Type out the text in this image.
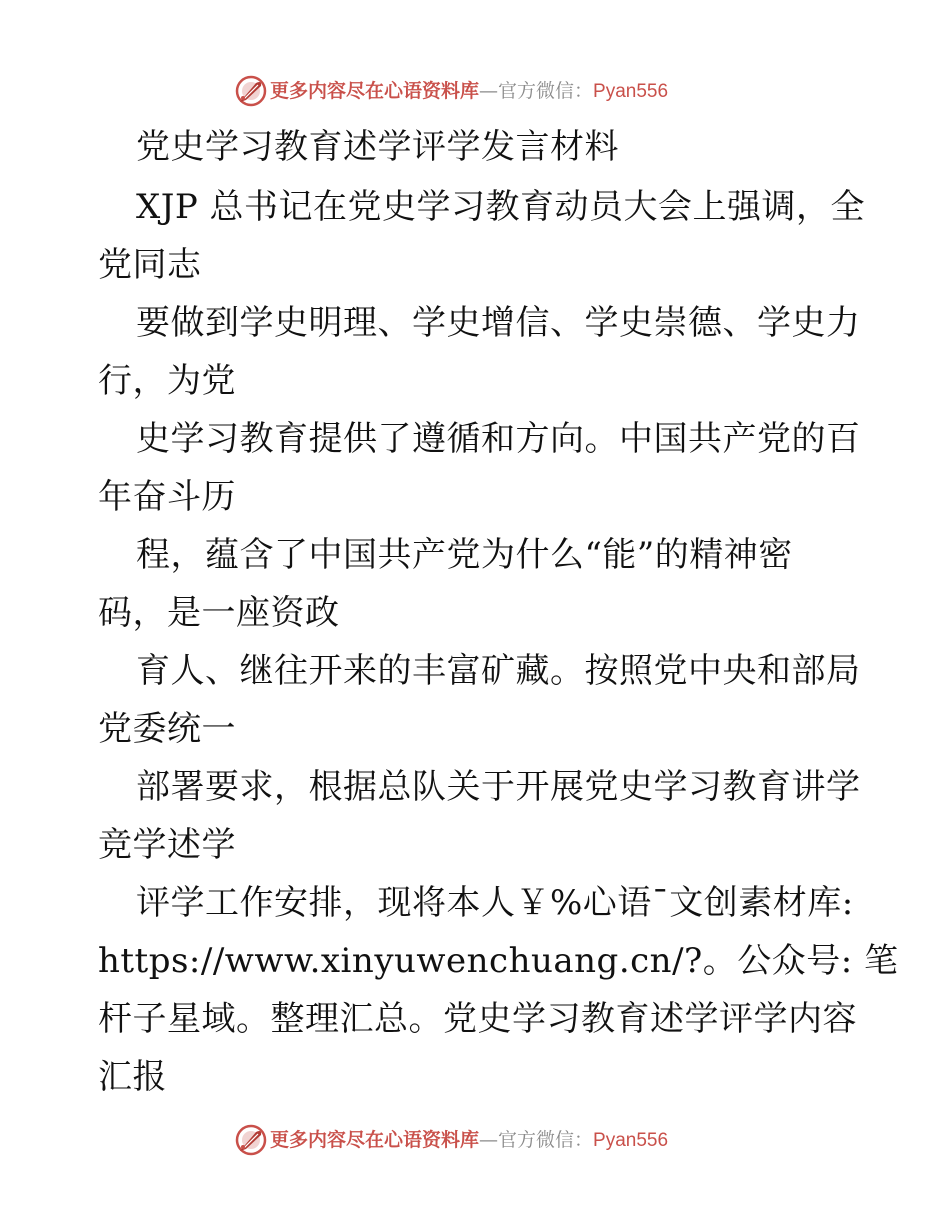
更多内容尽在心语资料库—官方微信：Pyan556
党史学习教育述学评学发言材料
XJP 总书记在党史学习教育动员大会上强调，全
党同志
要做到学史明理、学史增信、学史崇德、学史力
行，为党
史学习教育提供了遵循和方向。中国共产党的百
年奋斗历
程，蕴含了中国共产党为什么“能”的精神密
码，是一座资政
育人、继往开来的丰富矿藏。按照党中央和部局
党委统一
部署要求，根据总队关于开展党史学习教育讲学
竞学述学
评学工作安排，现将本人￥%心语¯文创素材库:
https://www.xinyuwenchuang.cn/?。公众号: 笔
杆子星域。整理汇总。党史学习教育述学评学内容
汇报
更多内容尽在心语资料库—官方微信：Pyan556
